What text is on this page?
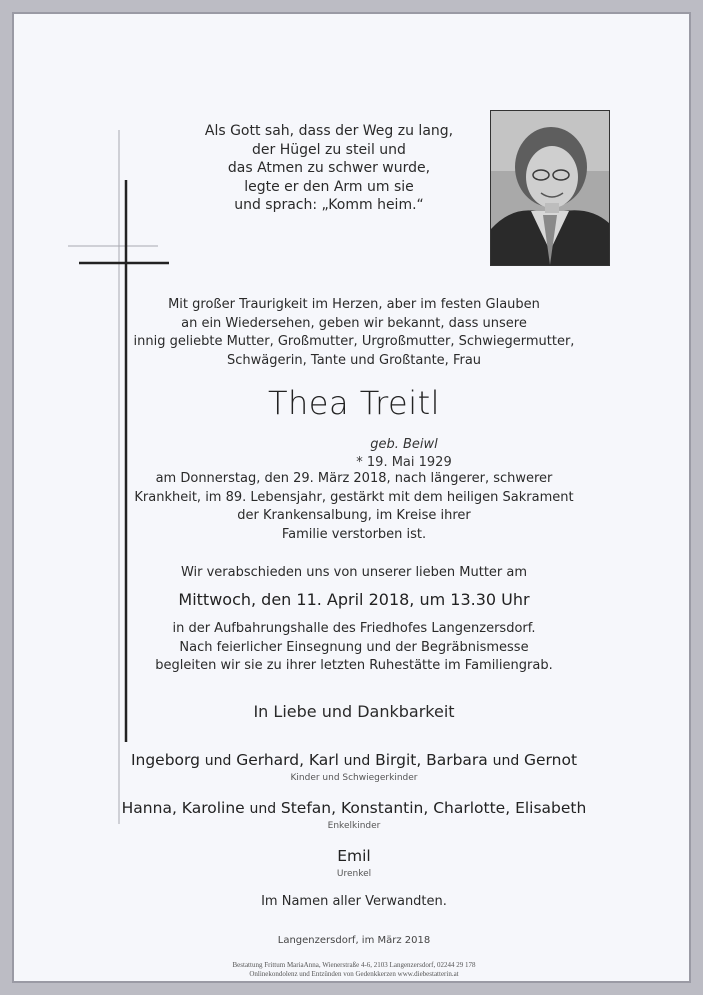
Als Gott sah, dass der Weg zu lang,
der Hügel zu steil und
das Atmen zu schwer wurde,
legte er den Arm um sie
und sprach: „Komm heim.“
Mit großer Traurigkeit im Herzen, aber im festen Glauben
an ein Wiedersehen, geben wir bekannt, dass unsere
innig geliebte Mutter, Großmutter, Urgroßmutter, Schwiegermutter,
Schwägerin, Tante und Großtante, Frau
Thea Treitl
geb. Beiwl
* 19. Mai 1929
am Donnerstag, den 29. März 2018, nach längerer, schwerer
Krankheit, im 89. Lebensjahr, gestärkt mit dem heiligen Sakrament
der Krankensalbung, im Kreise ihrer
Familie verstorben ist.
Wir verabschieden uns von unserer lieben Mutter am
Mittwoch, den 11. April 2018, um 13.30 Uhr
in der Aufbahrungshalle des Friedhofes Langenzersdorf.
Nach feierlicher Einsegnung und der Begräbnismesse
begleiten wir sie zu ihrer letzten Ruhestätte im Familiengrab.
In Liebe und Dankbarkeit
Ingeborg und Gerhard, Karl und Birgit, Barbara und Gernot
Kinder und Schwiegerkinder
Hanna, Karoline und Stefan, Konstantin, Charlotte, Elisabeth
Enkelkinder
Emil
Urenkel
Im Namen aller Verwandten.
Langenzersdorf, im März 2018
Bestattung Frittum MariaAnna, Wienerstraße 4-6, 2103 Langenzersdorf, 02244 29 178
Onlinekondolenz und Entzünden von Gedenkkerzen www.diebestatterin.at
